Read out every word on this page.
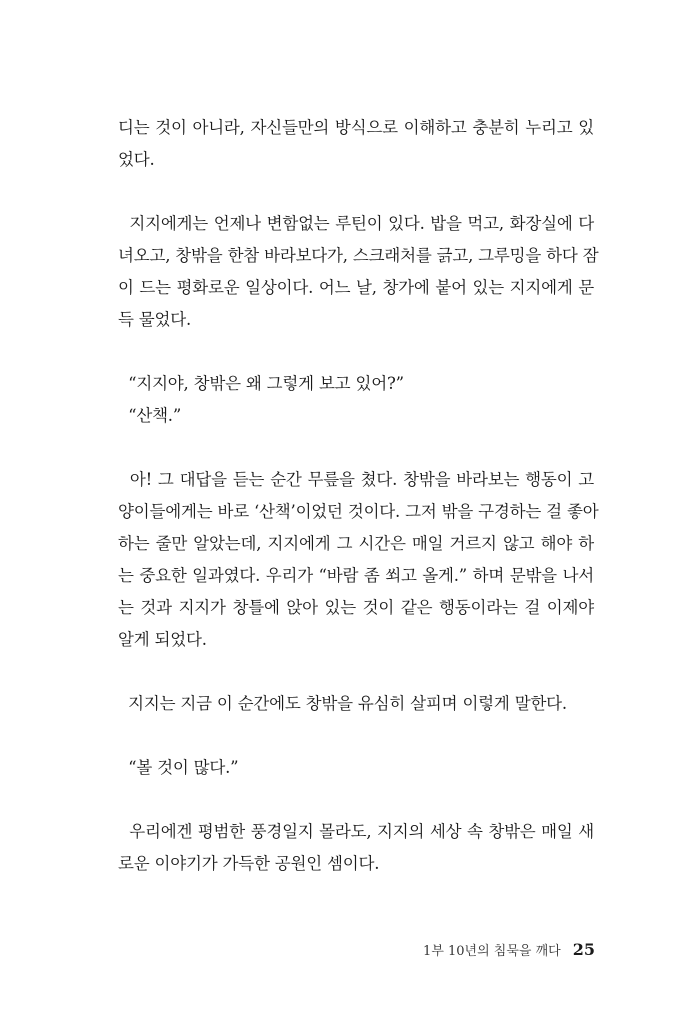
디는 것이 아니라, 자신들만의 방식으로 이해하고 충분히 누리고 있
었다.
지지에게는 언제나 변함없는 루틴이 있다. 밥을 먹고, 화장실에 다
녀오고, 창밖을 한참 바라보다가, 스크래처를 긁고, 그루밍을 하다 잠
이 드는 평화로운 일상이다. 어느 날, 창가에 붙어 있는 지지에게 문
득 물었다.
“지지야, 창밖은 왜 그렇게 보고 있어?”
“산책.”
아! 그 대답을 듣는 순간 무릎을 쳤다. 창밖을 바라보는 행동이 고
양이들에게는 바로 ‘산책’이었던 것이다. 그저 밖을 구경하는 걸 좋아
하는 줄만 알았는데, 지지에게 그 시간은 매일 거르지 않고 해야 하
는 중요한 일과였다. 우리가 “바람 좀 쐬고 올게.” 하며 문밖을 나서
는 것과 지지가 창틀에 앉아 있는 것이 같은 행동이라는 걸 이제야
알게 되었다.
지지는 지금 이 순간에도 창밖을 유심히 살피며 이렇게 말한다.
“볼 것이 많다.”
우리에겐 평범한 풍경일지 몰라도, 지지의 세상 속 창밖은 매일 새
로운 이야기가 가득한 공원인 셈이다.
1부 10년의 침묵을 깨다 25
